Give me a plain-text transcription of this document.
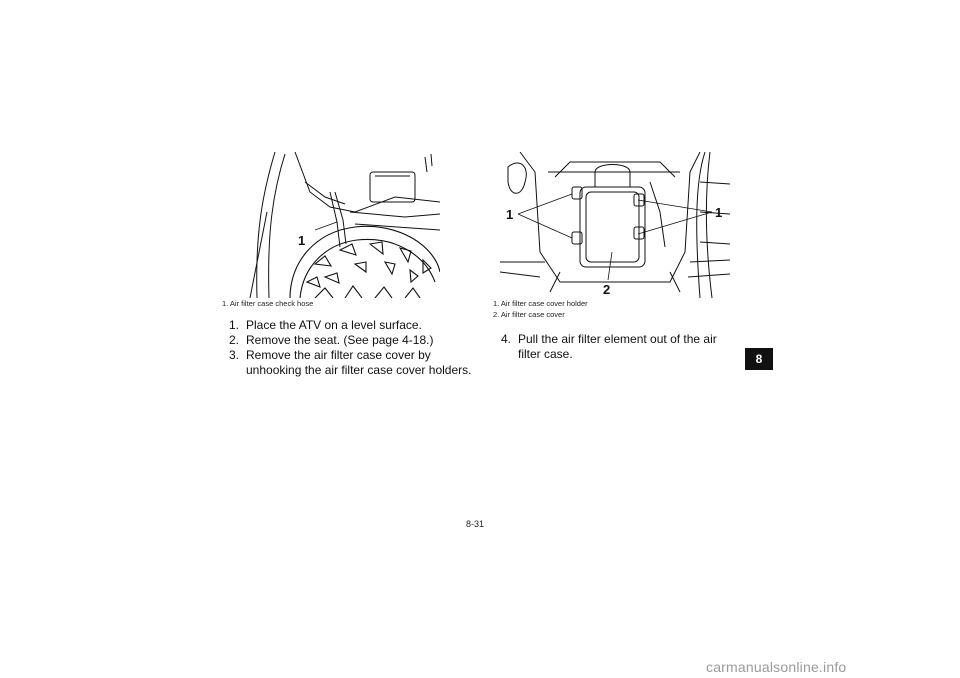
1
1. Air filter case check hose
1. Place the ATV on a level surface.
2. Remove the seat. (See page 4-18.)
3. Remove the air filter case cover by unhooking the air filter case cover holders.
1	1
2
1. Air filter case cover holder
2. Air filter case cover
4. Pull the air filter element out of the air filter case.	8
8-31
carmanualsonline.info
